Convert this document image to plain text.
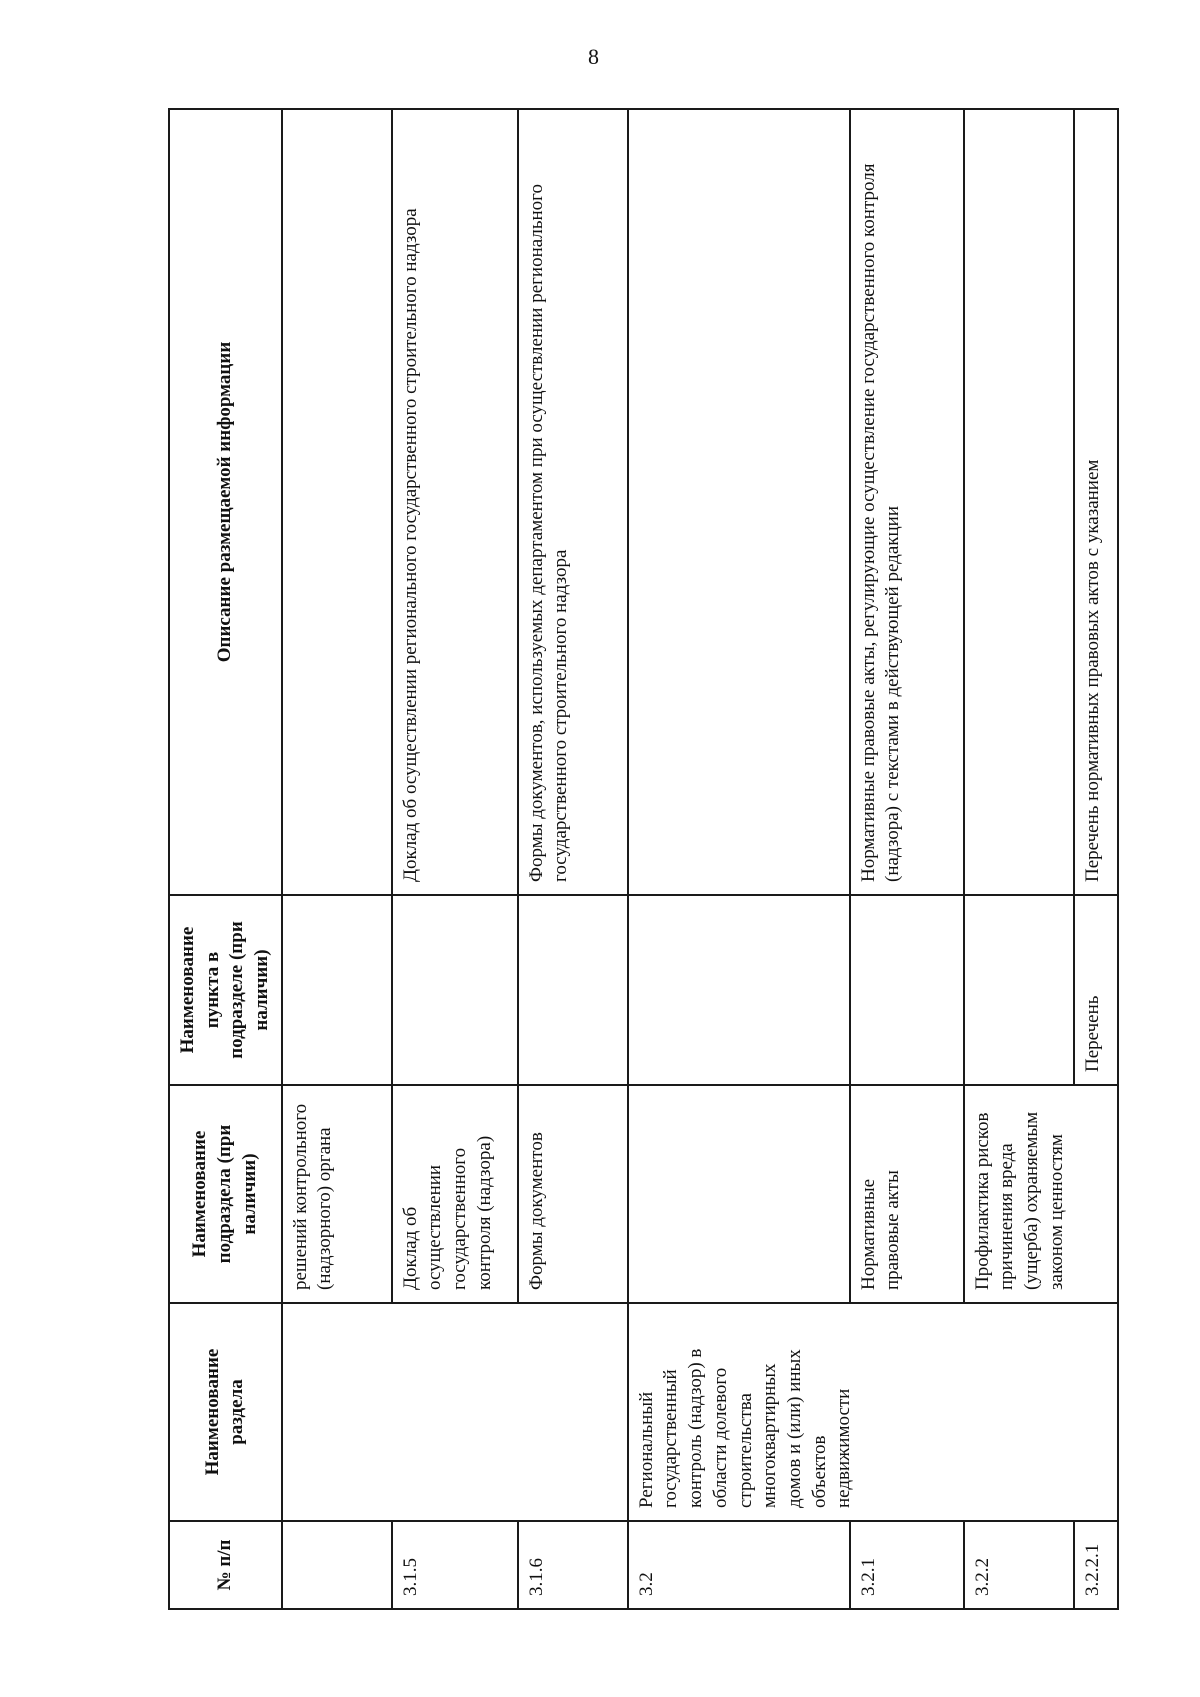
8
№ п/п	Наименование раздела	Наименование подраздела (при наличии)	Наименование пункта в подразделе (при наличии)	Описание размещаемой информации
		решений контрольного (надзорного) органа		
3.1.5		Доклад об осуществлении государственного контроля (надзора)		Доклад об осуществлении регионального государственного строительного надзора
3.1.6		Формы документов		Формы документов, используемых департаментом при осуществлении регионального государственного строительного надзора
3.2	Региональный государственный контроль (надзор) в области долевого строительства многоквартирных домов и (или) иных объектов недвижимости			
3.2.1		Нормативные правовые акты		Нормативные правовые акты, регулирующие осуществление государственного контроля (надзора) с текстами в действующей редакции
3.2.2		Профилактика рисков причинения вреда (ущерба) охраняемым законом ценностям		
3.2.2.1			Перечень	Перечень нормативных правовых актов с указанием
